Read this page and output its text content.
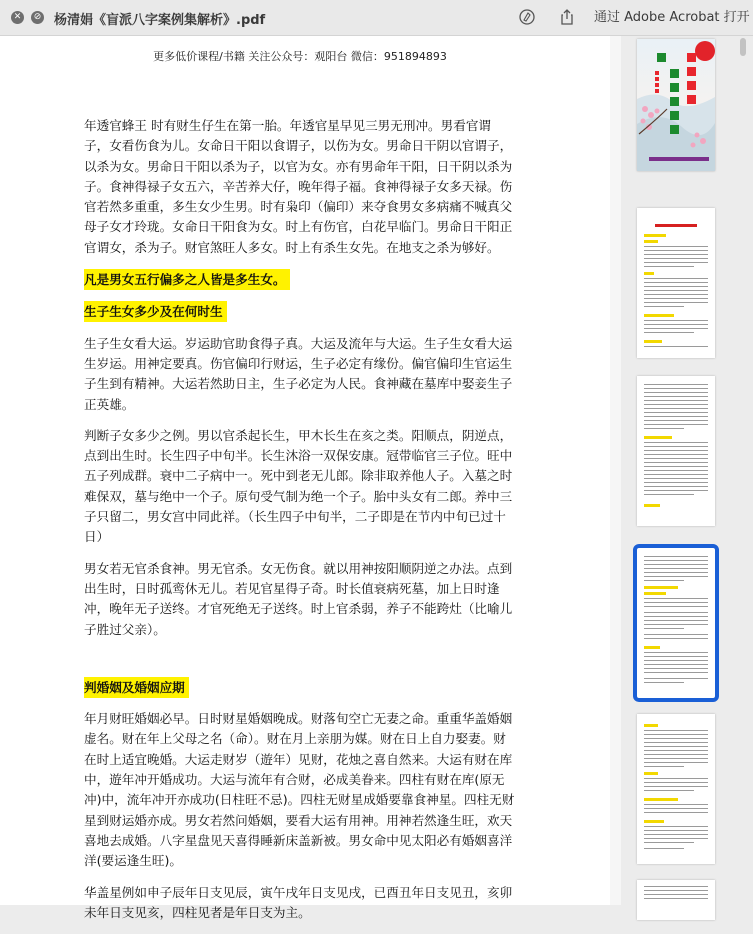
✕	⊘ 杨清娟《盲派八字案例集解析》.pdf	通过 Adobe Acrobat 打开
更多低价课程/书籍 关注公众号：观阳台 微信：951894893

年透官蜂王 时有财生仔生在第一胎。年透官星早见三男无刑冲。男看官谓子，女看伤食为儿。女命日干阳以食谓子，以伤为女。男命日干阴以官谓子，以杀为女。男命日干阳以杀为子，以官为女。亦有男命年干阳，日干阴以杀为子。食神得禄子女五六，辛苦养大仔，晚年得子福。食神得禄子女多天禄。伤官若然多重重，多生女少生男。时有枭印（偏印）来夺食男女多病痛不喊真父母子女才玲珑。女命日干阳食为女。时上有伤官，白花早临门。男命日干阳正官谓女，杀为子。财官煞旺人多女。时上有杀生女先。在地支之杀为够好。

凡是男女五行偏多之人皆是多生女。
生子生女多少及在何时生

生子生女看大运。岁运助官助食得子真。大运及流年与大运。生子生女看大运生岁运。用神定要真。伤官偏印行财运，生子必定有缘份。偏官偏印生官运生子生到有精神。大运若然助日主，生子必定为人民。食神藏在墓库中娶妾生子正英雄。

判断子女多少之例。男以官杀起长生，甲木长生在亥之类。阳顺点，阴逆点，点到出生时。长生四子中旬半。长生沐浴一双保安康。冠带临官三子位。旺中五子列成群。衰中二子病中一。死中到老无儿郎。除非取养他人子。入墓之时难保双，墓与绝中一个子。原句受气制为绝一个子。胎中头女有二郎。养中三子只留二，男女宫中同此祥。（长生四子中旬半，二子即是在节内中旬已过十日）

男女若无官杀食神。男无官杀。女无伤食。就以用神按阳顺阴逆之办法。点到出生时，日时孤鸾休无儿。若见官星得子奇。时长值衰病死墓，加上日时逢冲，晚年无子送终。才官死绝无子送终。时上官杀弱，养子不能跨灶（比喻儿子胜过父亲）。

判婚姻及婚姻应期

年月财旺婚姻必早。日时财星婚姻晚成。财落旬空亡无妻之命。重重华盖婚姻虚名。财在年上父母之名（命）。财在月上亲朋为媒。财在日上自力娶妻。财在时上适宜晚婚。大运走财岁（遊年）见财，花烛之喜自然来。大运有财在库中，遊年冲开婚成功。大运与流年有合财，必成美眷来。四柱有财在库(原无冲)中，流年冲开亦成功(日柱旺不忌)。四柱无财星成婚要靠食神星。四柱无财星到财运婚亦成。男女若然问婚姻，要看大运有用神。用神若然逢生旺，欢天喜地去成婚。八字星盘见天喜得睡新床盖新被。男女命中见太阳必有婚姻喜洋洋(要运逢生旺)。

华盖星例如申子辰年日支见辰，寅午戌年日支见戌，已酉丑年日支见丑，亥卯未年日支见亥，四柱见者是年日支为主。
